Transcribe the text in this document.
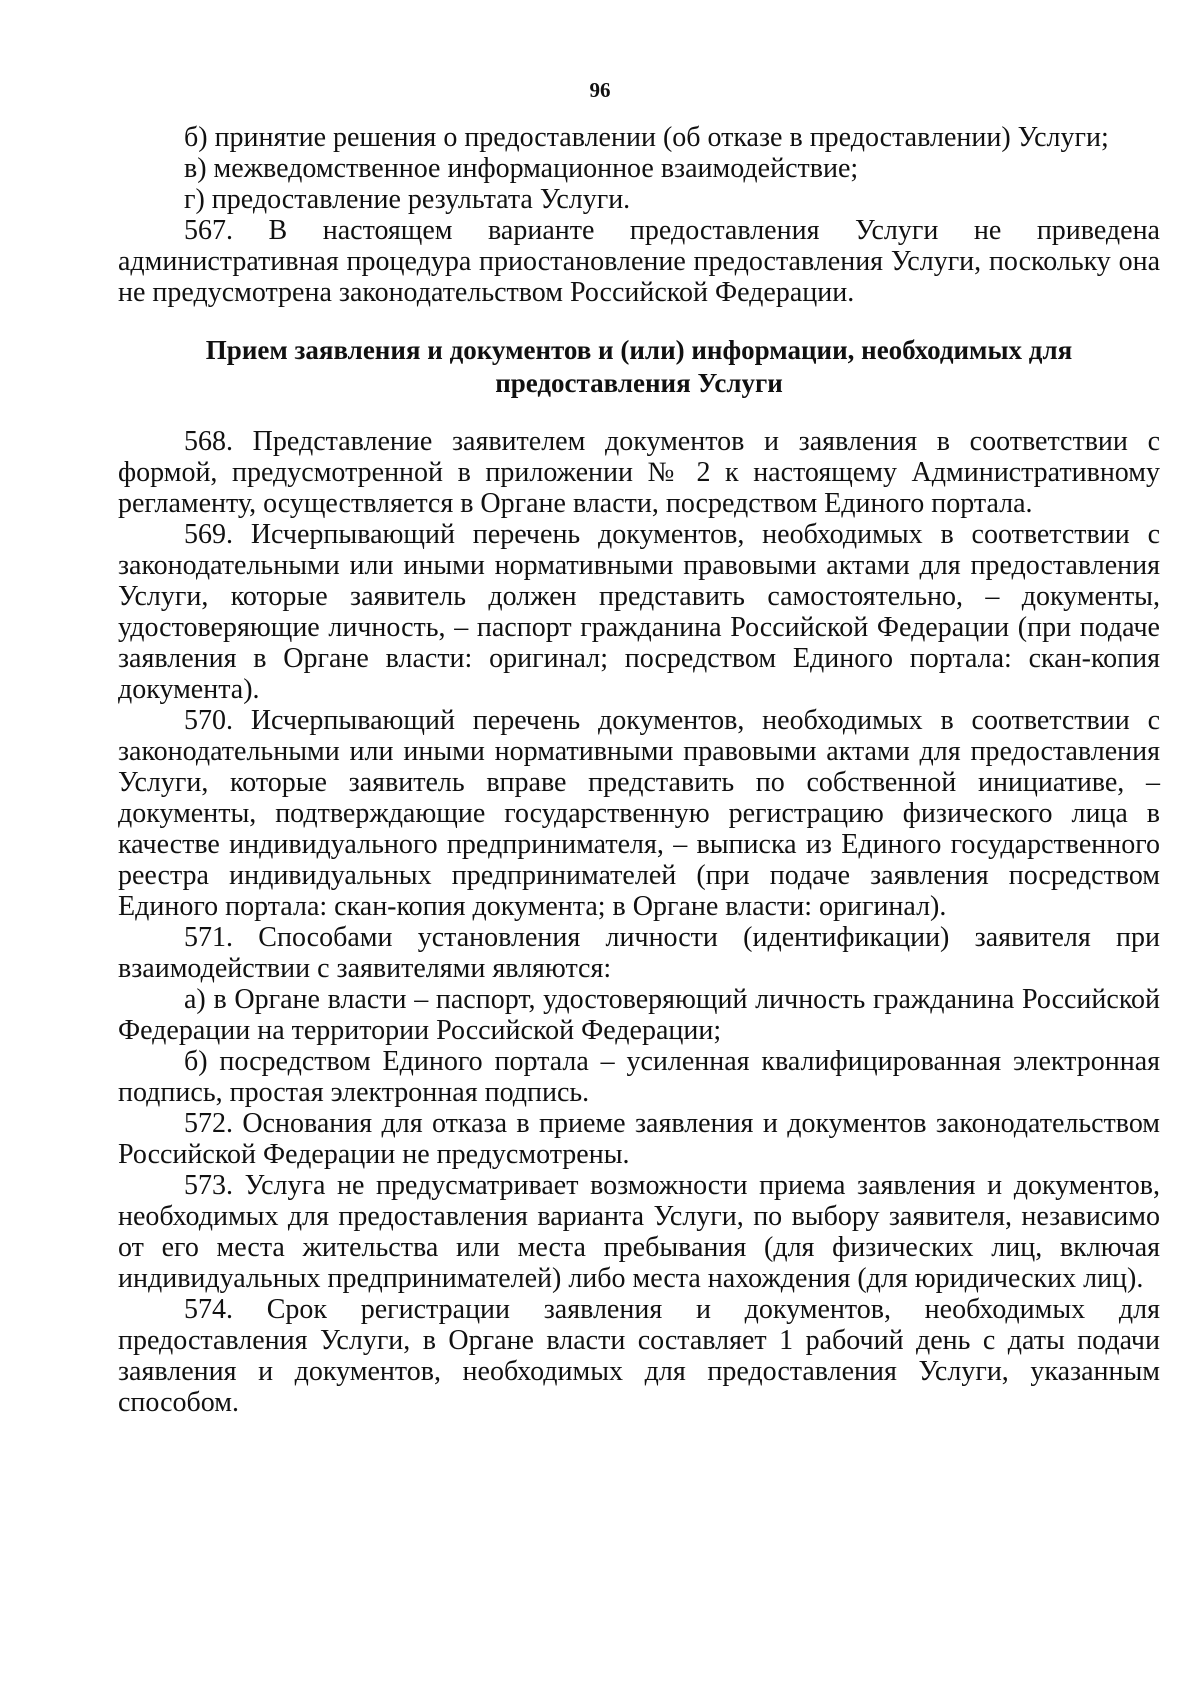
96

б) принятие решения о предоставлении (об отказе в предоставлении) Услуги;

в) межведомственное информационное взаимодействие;

г) предоставление результата Услуги.

567. В настоящем варианте предоставления Услуги не приведена административная процедура приостановление предоставления Услуги, поскольку она не предусмотрена законодательством Российской Федерации.

Прием заявления и документов и (или) информации, необходимых для
предоставления Услуги

568. Представление заявителем документов и заявления в соответствии с формой, предусмотренной в приложении № 2 к настоящему Административному регламенту, осуществляется в Органе власти, посредством Единого портала.

569. Исчерпывающий перечень документов, необходимых в соответствии с законодательными или иными нормативными правовыми актами для предоставления Услуги, которые заявитель должен представить самостоятельно, – документы, удостоверяющие личность, – паспорт гражданина Российской Федерации (при подаче заявления в Органе власти: оригинал; посредством Единого портала: скан-копия документа).

570. Исчерпывающий перечень документов, необходимых в соответствии с законодательными или иными нормативными правовыми актами для предоставления Услуги, которые заявитель вправе представить по собственной инициативе, – документы, подтверждающие государственную регистрацию физического лица в качестве индивидуального предпринимателя, – выписка из Единого государственного реестра индивидуальных предпринимателей (при подаче заявления посредством Единого портала: скан-копия документа; в Органе власти: оригинал).

571. Способами установления личности (идентификации) заявителя при взаимодействии с заявителями являются:

а) в Органе власти – паспорт, удостоверяющий личность гражданина Российской Федерации на территории Российской Федерации;

б) посредством Единого портала – усиленная квалифицированная электронная подпись, простая электронная подпись.

572. Основания для отказа в приеме заявления и документов законодательством Российской Федерации не предусмотрены.

573. Услуга не предусматривает возможности приема заявления и документов, необходимых для предоставления варианта Услуги, по выбору заявителя, независимо от его места жительства или места пребывания (для физических лиц, включая индивидуальных предпринимателей) либо места нахождения (для юридических лиц).

574. Срок регистрации заявления и документов, необходимых для предоставления Услуги, в Органе власти составляет 1 рабочий день с даты подачи заявления и документов, необходимых для предоставления Услуги, указанным способом.
